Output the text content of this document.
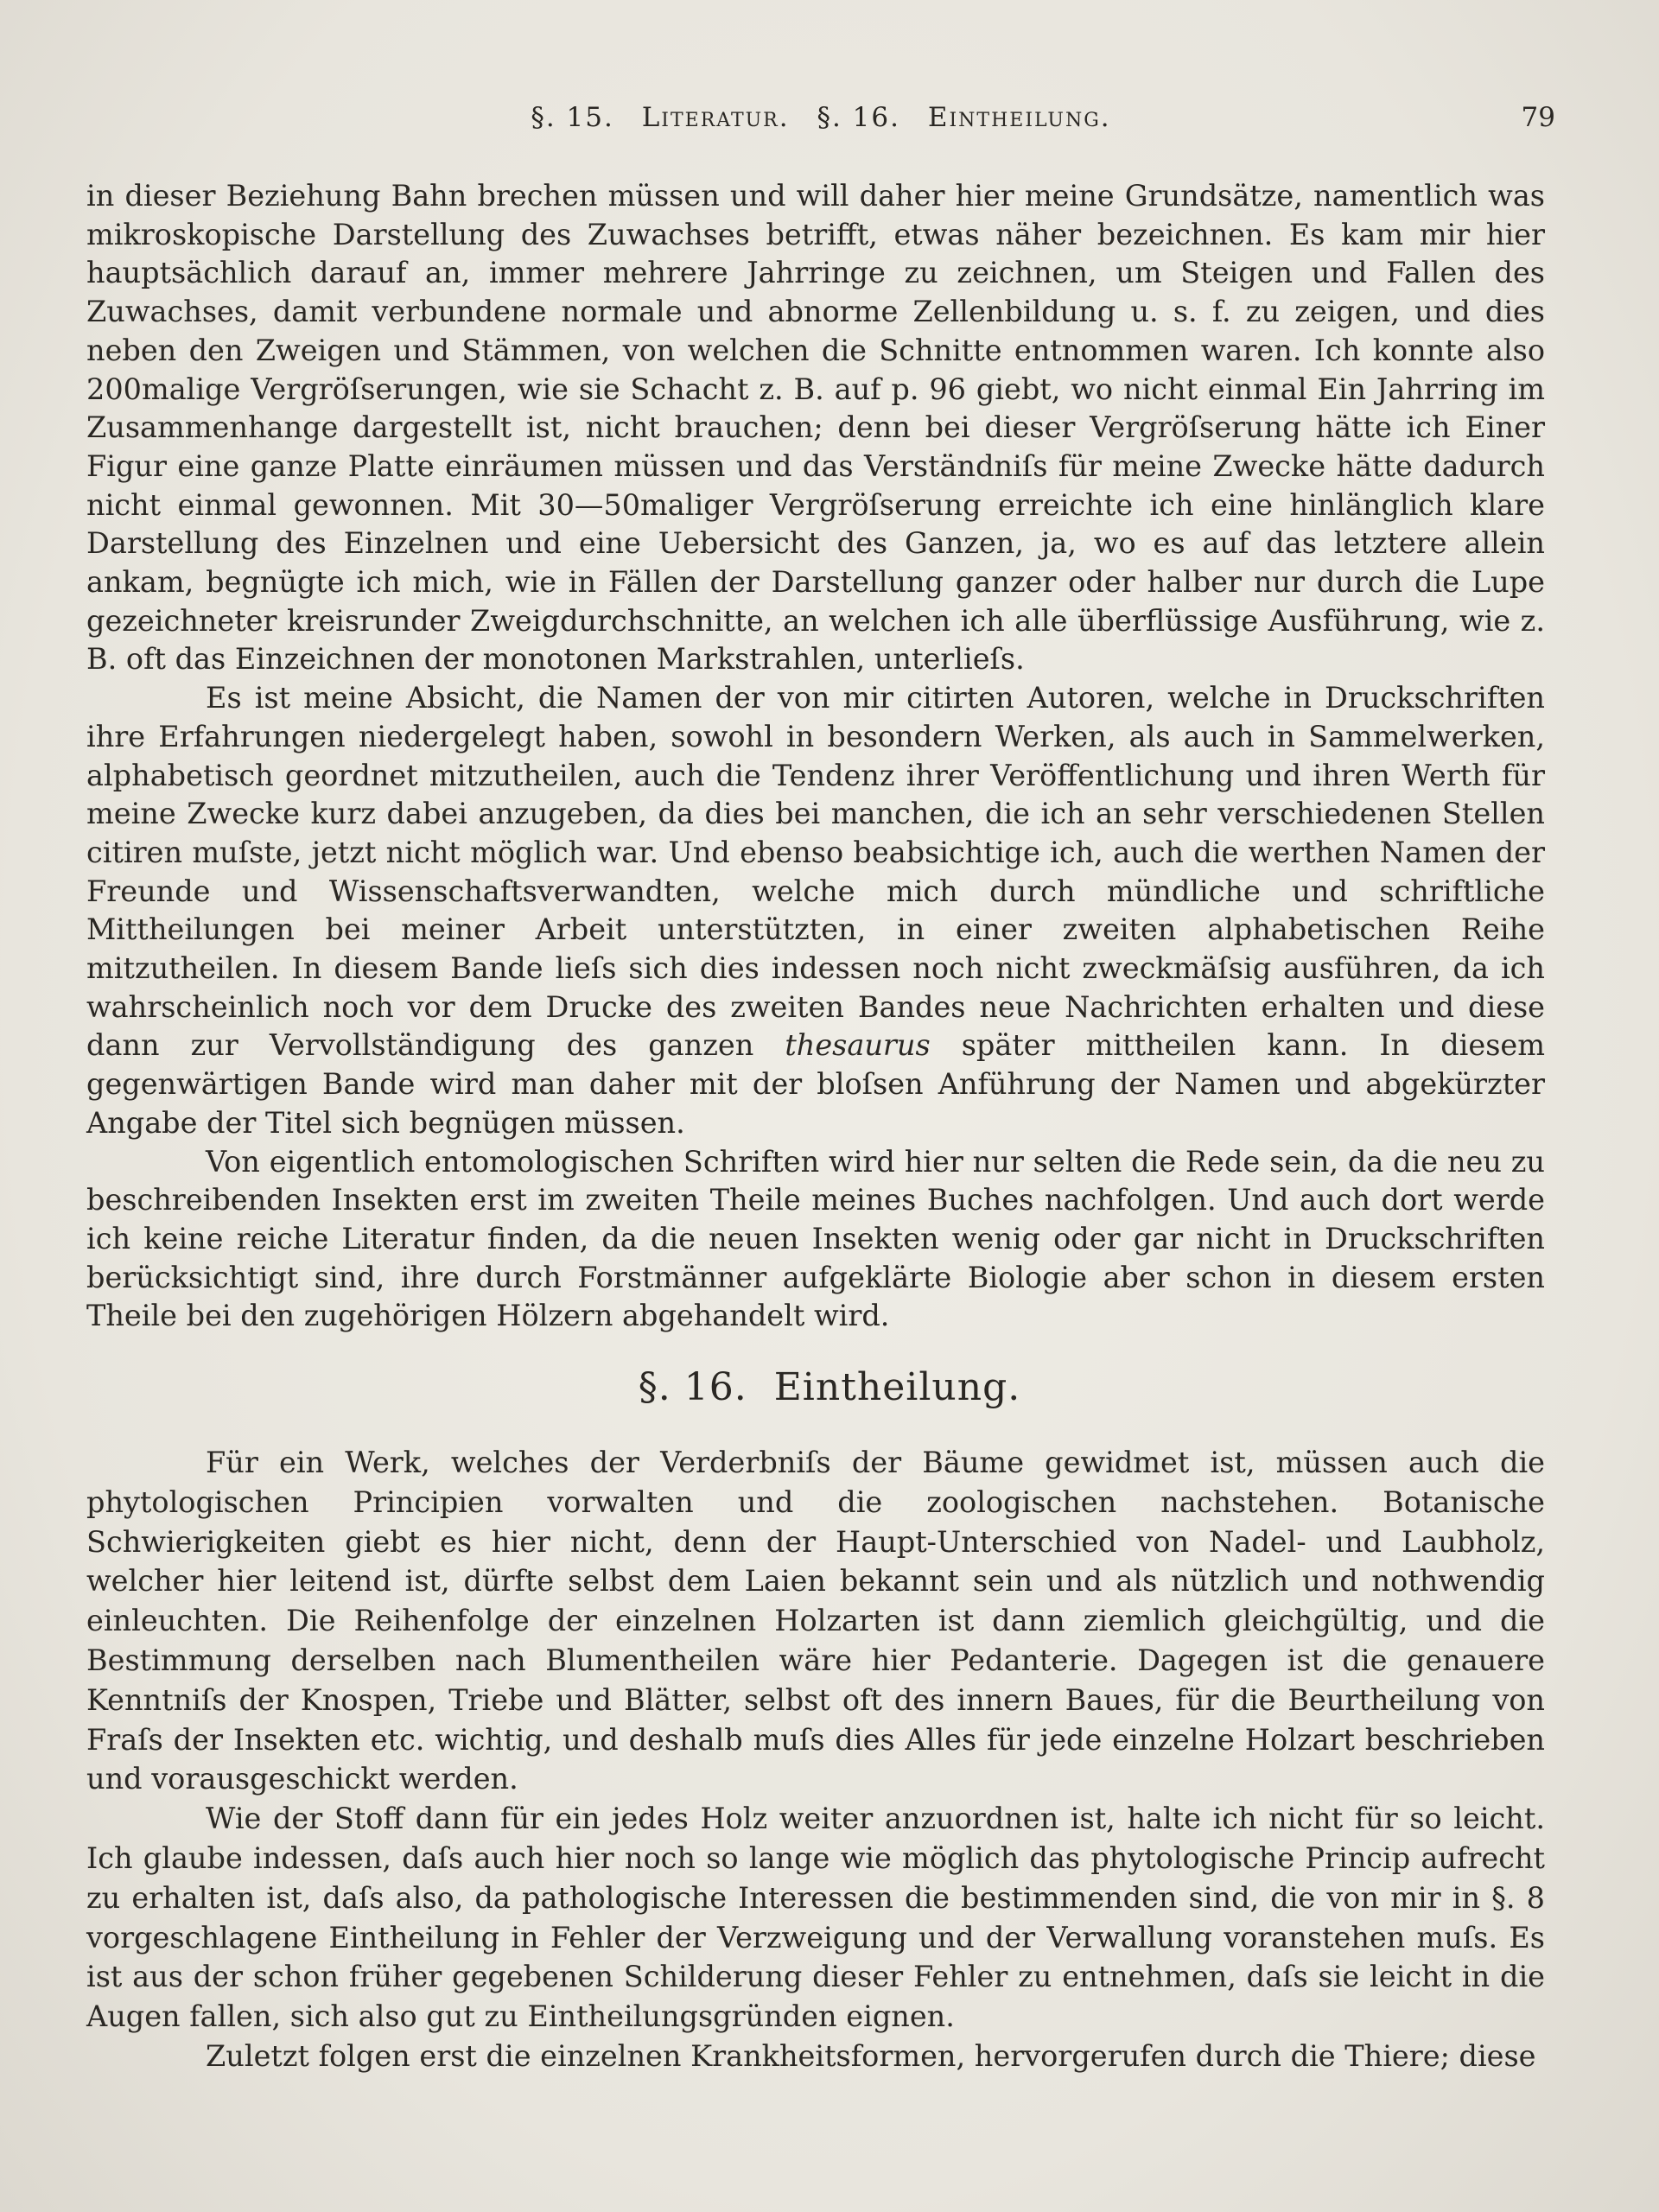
§. 15. Literatur. §. 16. Eintheilung.	79

in dieser Beziehung Bahn brechen müssen und will daher hier meine Grundsätze, namentlich was mikroskopische Darstellung des Zuwachses betrifft, etwas näher bezeichnen. Es kam mir hier hauptsächlich darauf an, immer mehrere Jahrringe zu zeichnen, um Steigen und Fallen des Zuwachses, damit verbundene normale und abnorme Zellenbildung u. s. f. zu zeigen, und dies neben den Zweigen und Stämmen, von welchen die Schnitte entnommen waren. Ich konnte also 200malige Vergröſserungen, wie sie Schacht z. B. auf p. 96 giebt, wo nicht einmal Ein Jahrring im Zusammenhange dargestellt ist, nicht brauchen; denn bei dieser Vergröſserung hätte ich Einer Figur eine ganze Platte einräumen müssen und das Verständniſs für meine Zwecke hätte dadurch nicht einmal gewonnen. Mit 30—50maliger Vergröſserung erreichte ich eine hinlänglich klare Darstellung des Einzelnen und eine Uebersicht des Ganzen, ja, wo es auf das letztere allein ankam, begnügte ich mich, wie in Fällen der Darstellung ganzer oder halber nur durch die Lupe gezeichneter kreisrunder Zweigdurchschnitte, an welchen ich alle überflüssige Ausführung, wie z. B. oft das Einzeichnen der monotonen Markstrahlen, unterlieſs.

Es ist meine Absicht, die Namen der von mir citirten Autoren, welche in Druckschriften ihre Erfahrungen niedergelegt haben, sowohl in besondern Werken, als auch in Sammelwerken, alphabetisch geordnet mitzutheilen, auch die Tendenz ihrer Veröffentlichung und ihren Werth für meine Zwecke kurz dabei anzugeben, da dies bei manchen, die ich an sehr verschiedenen Stellen citiren muſste, jetzt nicht möglich war. Und ebenso beabsichtige ich, auch die werthen Namen der Freunde und Wissenschaftsverwandten, welche mich durch mündliche und schriftliche Mittheilungen bei meiner Arbeit unterstützten, in einer zweiten alphabetischen Reihe mitzutheilen. In diesem Bande lieſs sich dies indessen noch nicht zweckmäſsig ausführen, da ich wahrscheinlich noch vor dem Drucke des zweiten Bandes neue Nachrichten erhalten und diese dann zur Vervollständigung des ganzen thesaurus später mittheilen kann. In diesem gegenwärtigen Bande wird man daher mit der bloſsen Anführung der Namen und abgekürzter Angabe der Titel sich begnügen müssen.

Von eigentlich entomologischen Schriften wird hier nur selten die Rede sein, da die neu zu beschreibenden Insekten erst im zweiten Theile meines Buches nachfolgen. Und auch dort werde ich keine reiche Literatur finden, da die neuen Insekten wenig oder gar nicht in Druckschriften berücksichtigt sind, ihre durch Forstmänner aufgeklärte Biologie aber schon in diesem ersten Theile bei den zugehörigen Hölzern abgehandelt wird.

§. 16. Eintheilung.

Für ein Werk, welches der Verderbniſs der Bäume gewidmet ist, müssen auch die phytologischen Principien vorwalten und die zoologischen nachstehen. Botanische Schwierigkeiten giebt es hier nicht, denn der Haupt-Unterschied von Nadel- und Laubholz, welcher hier leitend ist, dürfte selbst dem Laien bekannt sein und als nützlich und nothwendig einleuchten. Die Reihenfolge der einzelnen Holzarten ist dann ziemlich gleichgültig, und die Bestimmung derselben nach Blumentheilen wäre hier Pedanterie. Dagegen ist die genauere Kenntniſs der Knospen, Triebe und Blätter, selbst oft des innern Baues, für die Beurtheilung von Fraſs der Insekten etc. wichtig, und deshalb muſs dies Alles für jede einzelne Holzart beschrieben und vorausgeschickt werden.

Wie der Stoff dann für ein jedes Holz weiter anzuordnen ist, halte ich nicht für so leicht. Ich glaube indessen, daſs auch hier noch so lange wie möglich das phytologische Princip aufrecht zu erhalten ist, daſs also, da pathologische Interessen die bestimmenden sind, die von mir in §. 8 vorgeschlagene Eintheilung in Fehler der Verzweigung und der Verwallung voranstehen muſs. Es ist aus der schon früher gegebenen Schilderung dieser Fehler zu entnehmen, daſs sie leicht in die Augen fallen, sich also gut zu Eintheilungsgründen eignen.

Zuletzt folgen erst die einzelnen Krankheitsformen, hervorgerufen durch die Thiere; diese
